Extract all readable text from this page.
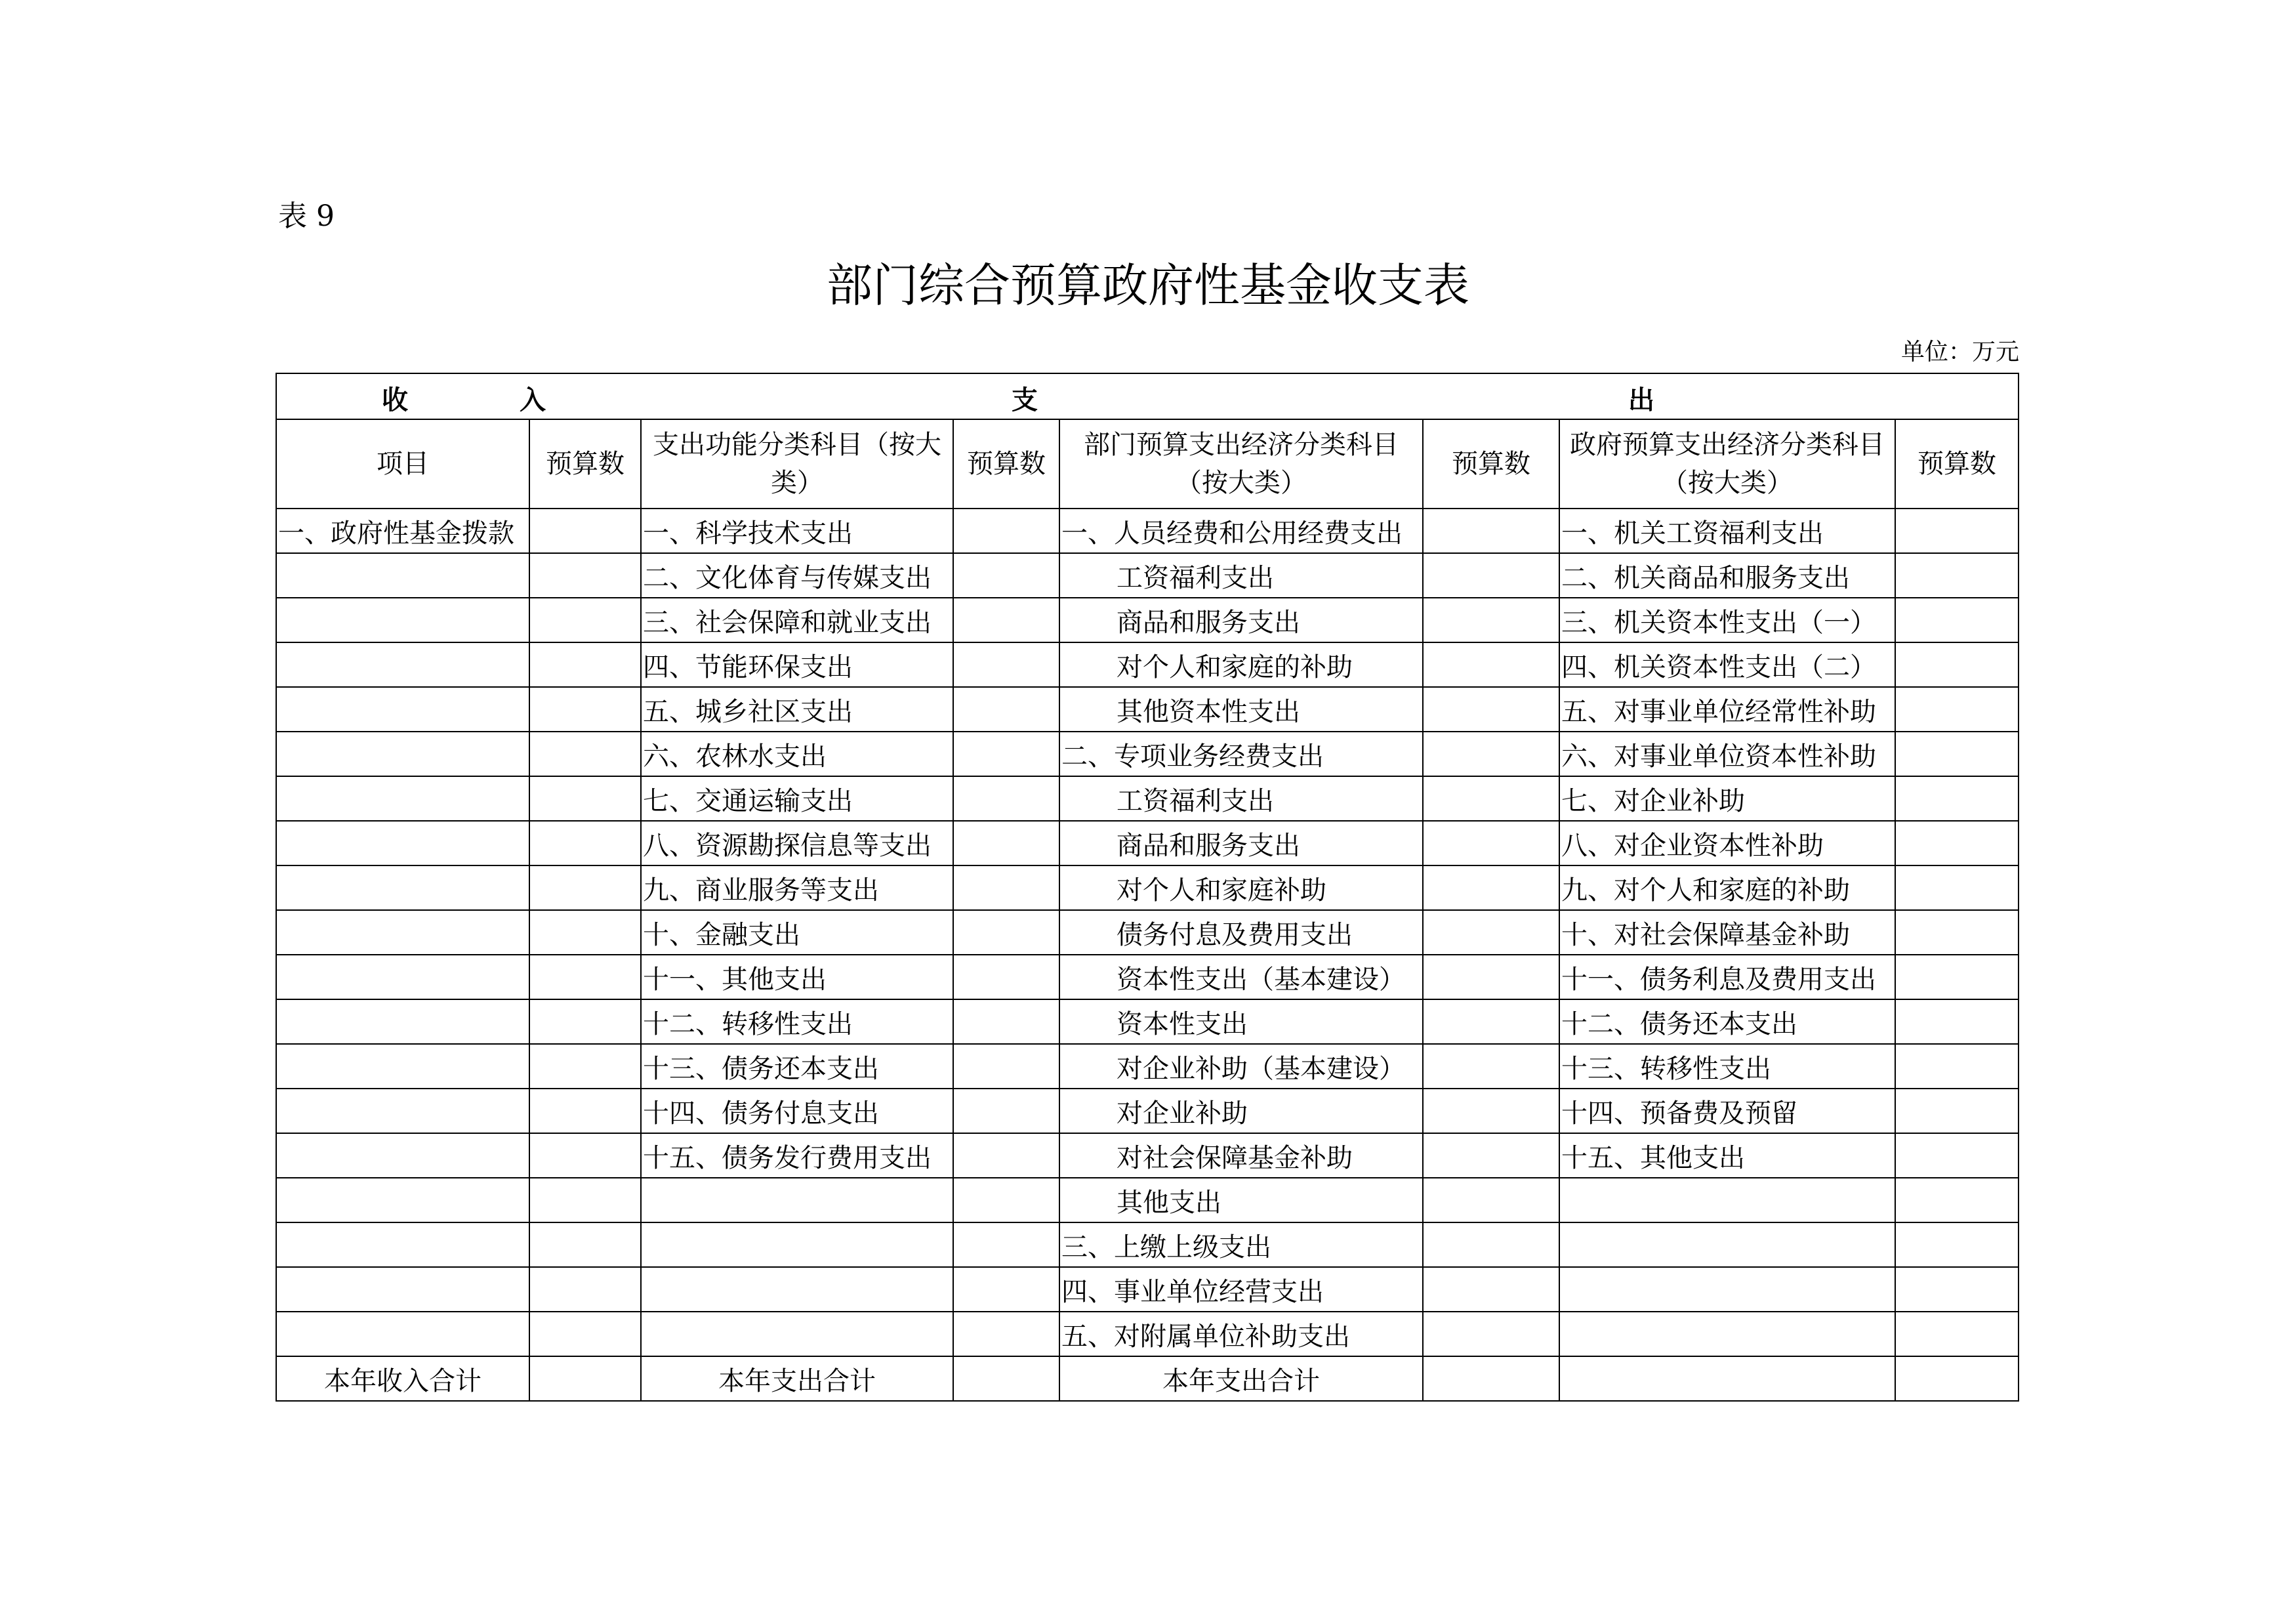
表 9
部门综合预算政府性基金收支表
单位：万元
收 入 支 出							

项目	预算数	支出功能分类科目（按大类）	预算数	部门预算支出经济分类科目（按大类）	预算数	政府预算支出经济分类科目（按大类）	预算数
一、政府性基金拨款		一、科学技术支出		一、人员经费和公用经费支出		一、机关工资福利支出	
		二、文化体育与传媒支出		工资福利支出		二、机关商品和服务支出	
		三、社会保障和就业支出		商品和服务支出		三、机关资本性支出（一）	
		四、节能环保支出		对个人和家庭的补助		四、机关资本性支出（二）	
		五、城乡社区支出		其他资本性支出		五、对事业单位经常性补助	
		六、农林水支出		二、专项业务经费支出		六、对事业单位资本性补助	
		七、交通运输支出		工资福利支出		七、对企业补助	
		八、资源勘探信息等支出		商品和服务支出		八、对企业资本性补助	
		九、商业服务等支出		对个人和家庭补助		九、对个人和家庭的补助	
		十、金融支出		债务付息及费用支出		十、对社会保障基金补助	
		十一、其他支出		资本性支出（基本建设）		十一、债务利息及费用支出	
		十二、转移性支出		资本性支出		十二、债务还本支出	
		十三、债务还本支出		对企业补助（基本建设）		十三、转移性支出	
		十四、债务付息支出		对企业补助		十四、预备费及预留	
		十五、债务发行费用支出		对社会保障基金补助		十五、其他支出	
				其他支出			
				三、上缴上级支出			
				四、事业单位经营支出			
				五、对附属单位补助支出			
本年收入合计		本年支出合计		本年支出合计			
